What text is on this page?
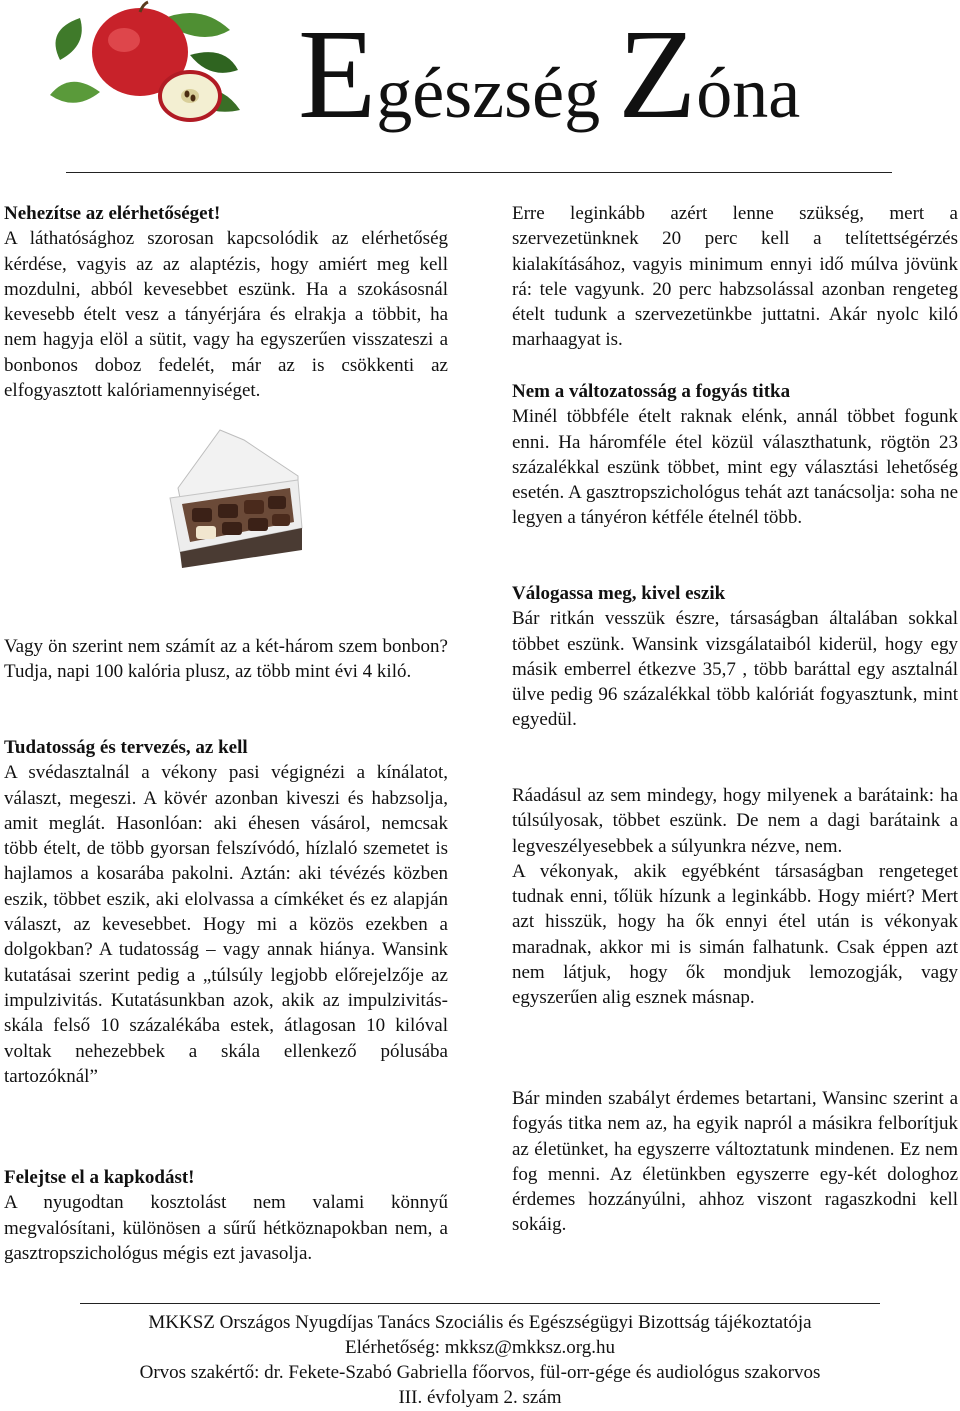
Egészség Zóna
Nehezítse az elérhetőséget!

A láthatósághoz szorosan kapcsolódik az elérhetőség kérdése, vagyis az az alaptézis, hogy amiért meg kell mozdulni, abból kevesebbet eszünk. Ha a szokásosnál kevesebb ételt vesz a tányérjára és elrakja a többit, ha nem hagyja elöl a sütit, vagy ha egyszerűen visszateszi a bonbonos doboz fedelét, már az is csökkenti az elfogyasztott kalóriamennyiséget.

Vagy ön szerint nem számít az a két-három szem bonbon? Tudja, napi 100 kalória plusz, az több mint évi 4 kiló.

Tudatosság és tervezés, az kell

A svédasztalnál a vékony pasi végignézi a kínálatot, választ, megeszi. A kövér azonban kiveszi és habzsolja, amit meglát. Hasonlóan: aki éhesen vásárol, nemcsak több ételt, de több gyorsan felszívódó, hízlaló szemetet is hajlamos a kosarába pakolni. Aztán: aki tévézés közben eszik, többet eszik, aki elolvassa a címkéket és ez alapján választ, az kevesebbet. Hogy mi a közös ezekben a dolgokban? A tudatosság – vagy annak hiánya. Wansink kutatásai szerint pedig a „túlsúly legjobb előrejelzője az impulzivitás. Kutatásunkban azok, akik az impulzivitás-skála felső 10 százalékába estek, átlagosan 10 kilóval voltak nehezebbek a skála ellenkező pólusába tartozóknál”

Felejtse el a kapkodást!

A nyugodtan kosztolást nem valami könnyű megvalósítani, különösen a sűrű hétköznapokban nem, a gasztropszichológus mégis ezt javasolja.

Erre leginkább azért lenne szükség, mert a szervezetünknek 20 perc kell a telítettségérzés kialakításához, vagyis minimum ennyi idő múlva jövünk rá: tele vagyunk. 20 perc habzsolással azonban rengeteg ételt tudunk a szervezetünkbe juttatni. Akár nyolc kiló marhaagyat is.

Nem a változatosság a fogyás titka

Minél többféle ételt raknak elénk, annál többet fogunk enni. Ha háromféle étel közül választhatunk, rögtön 23 százalékkal eszünk többet, mint egy választási lehetőség esetén. A gasztropszichológus tehát azt tanácsolja: soha ne legyen a tányéron kétféle ételnél több.

Válogassa meg, kivel eszik

Bár ritkán vesszük észre, társaságban általában sokkal többet eszünk. Wansink vizsgálataiból kiderül, hogy egy másik emberrel étkezve 35,7 , több baráttal egy asztalnál ülve pedig 96 százalékkal több kalóriát fogyasztunk, mint egyedül.

Ráadásul az sem mindegy, hogy milyenek a barátaink: ha túlsúlyosak, többet eszünk. De nem a dagi barátaink a legveszélyesebbek a súlyunkra nézve, nem.

A vékonyak, akik egyébként társaságban rengeteget tudnak enni, tőlük hízunk a leginkább. Hogy miért? Mert azt hisszük, hogy ha ők ennyi étel után is vékonyak maradnak, akkor mi is simán falhatunk. Csak éppen azt nem látjuk, hogy ők mondjuk lemozogják, vagy egyszerűen alig esznek másnap.

Bár minden szabályt érdemes betartani, Wansinc szerint a fogyás titka nem az, ha egyik napról a másikra felborítjuk az életünket, ha egyszerre változtatunk mindenen. Ez nem fog menni. Az életünkben egyszerre egy-két dologhoz érdemes hozzányúlni, ahhoz viszont ragaszkodni kell sokáig.

MKKSZ Országos Nyugdíjas Tanács Szociális és Egészségügyi Bizottság tájékoztatója
Elérhetőség: mkksz@mkksz.org.hu
Orvos szakértő: dr. Fekete-Szabó Gabriella főorvos, fül-orr-gége és audiológus szakorvos
III. évfolyam 2. szám
